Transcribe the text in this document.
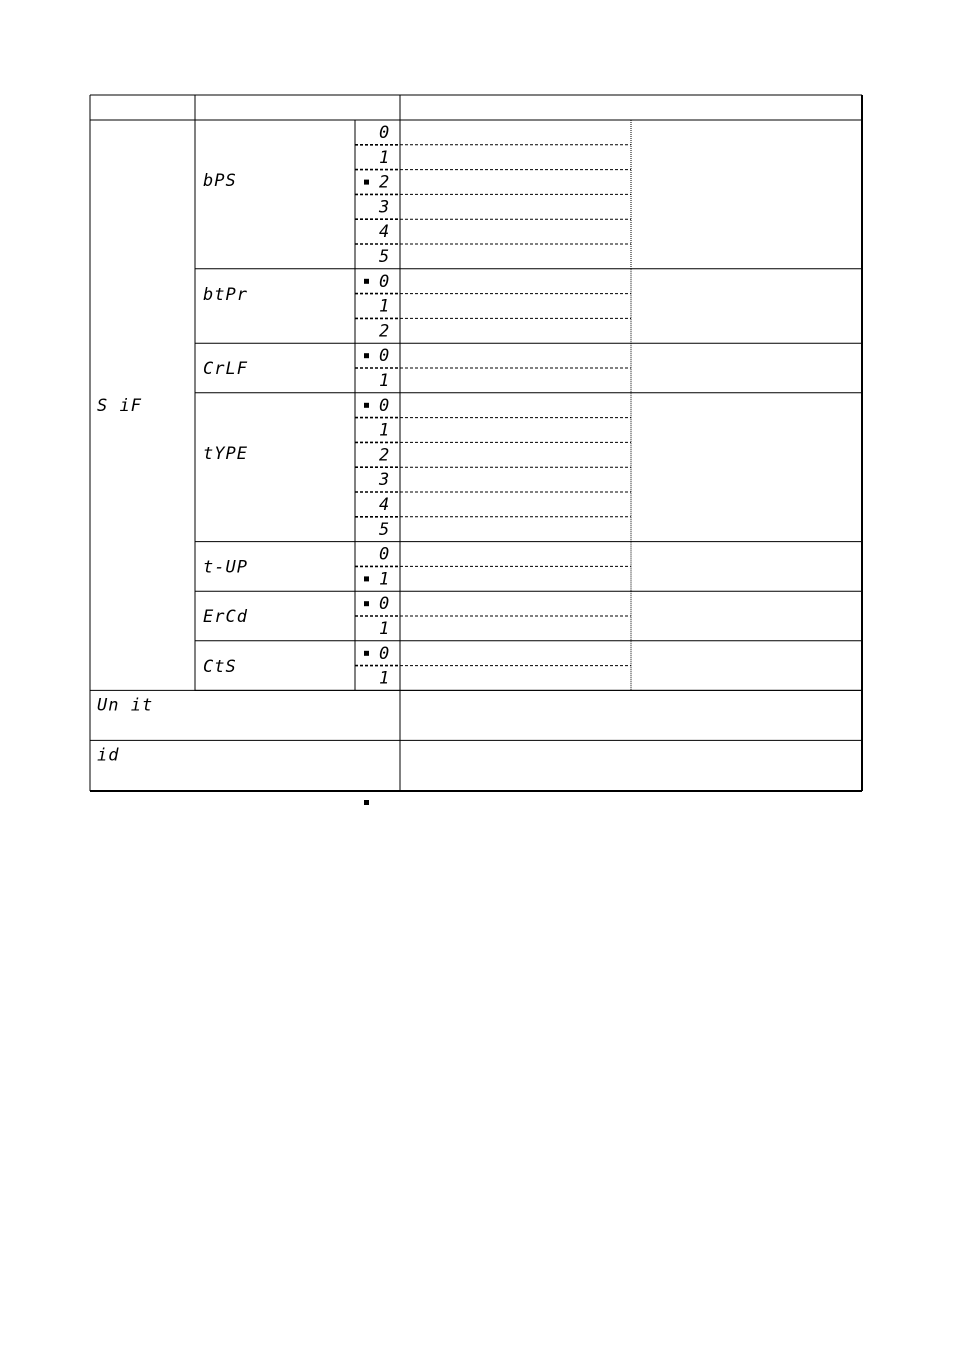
bPS
0
1
2
3
4
5
btPr
0
1
2
CrLF
0
1
tYPE
0
1
2
3
4
5
t-UP
0
1
ErCd
0
1
CtS
0
1
S iF
Un it
id
